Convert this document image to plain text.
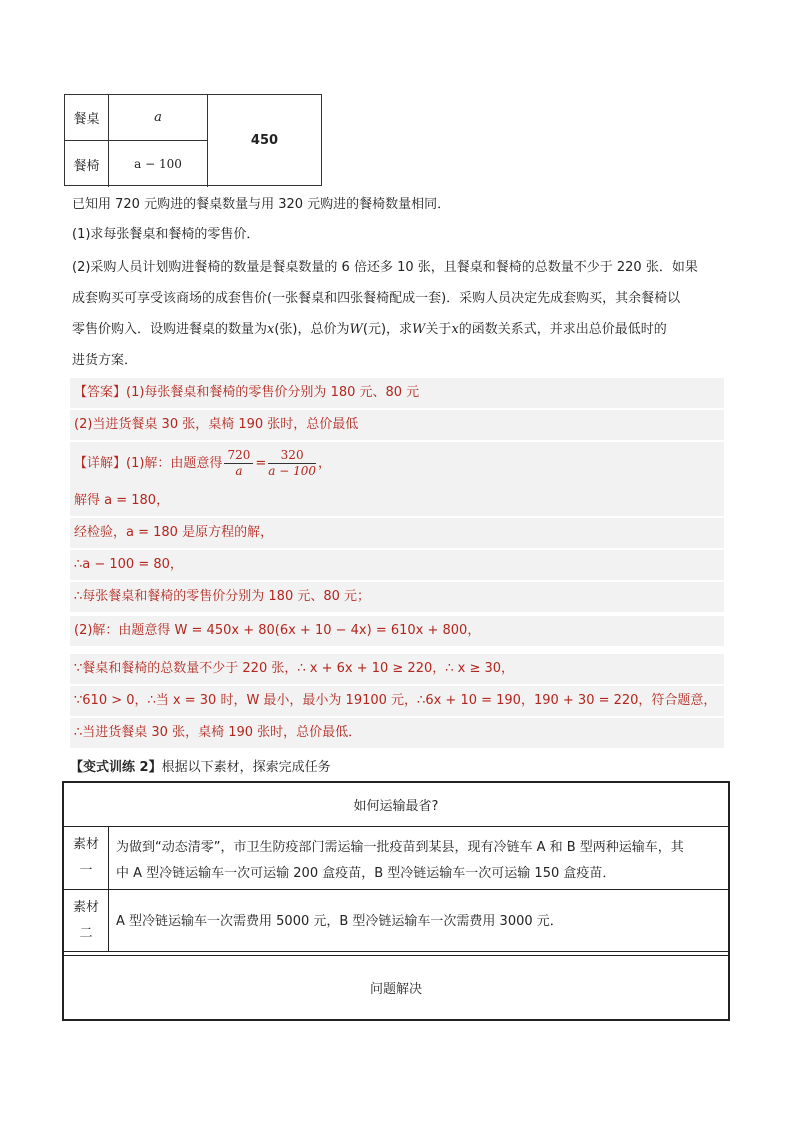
餐桌	a
餐椅	a − 100
450
已知用 720 元购进的餐桌数量与用 320 元购进的餐椅数量相同．
(1)求每张餐桌和餐椅的零售价．
(2)采购人员计划购进餐椅的数量是餐桌数量的 6 倍还多 10 张，且餐桌和餐椅的总数量不少于 220 张．如果
成套购买可享受该商场的成套售价(一张餐桌和四张餐椅配成一套)．采购人员决定先成套购买，其余餐椅以
零售价购入．设购进餐桌的数量为x(张)，总价为W(元)，求W关于x的函数关系式，并求出总价最低时的
进货方案．
【答案】(1)每张餐桌和餐椅的零售价分别为 180 元、80 元
(2)当进货餐桌 30 张，桌椅 190 张时，总价最低
【详解】(1)解：由题意得 $\frac{720}{a} = \frac{320}{a - 100}$ ，
解得 a = 180，
经检验，a = 180 是原方程的解，
∴a − 100 = 80，
∴每张餐桌和餐椅的零售价分别为 180 元、80 元；
(2)解：由题意得 W = 450x + 80(6x + 10 − 4x) = 610x + 800，
∵餐桌和餐椅的总数量不少于 220 张，∴ x + 6x + 10 ≥ 220，∴ x ≥ 30，
∵610 > 0，∴当 x = 30 时，W 最小，最小为 19100 元，∴6x + 10 = 190，190 + 30 = 220，符合题意，
∴当进货餐桌 30 张，桌椅 190 张时，总价最低．
【变式训练 2】根据以下素材，探索完成任务
如何运输最省?
素材
一
为做到“动态清零”，市卫生防疫部门需运输一批疫苗到某县，现有冷链车 A 和 B 型两种运输车，其
中 A 型冷链运输车一次可运输 200 盒疫苗，B 型冷链运输车一次可运输 150 盒疫苗．
素材
二
A 型冷链运输车一次需费用 5000 元，B 型冷链运输车一次需费用 3000 元．
问题解决
